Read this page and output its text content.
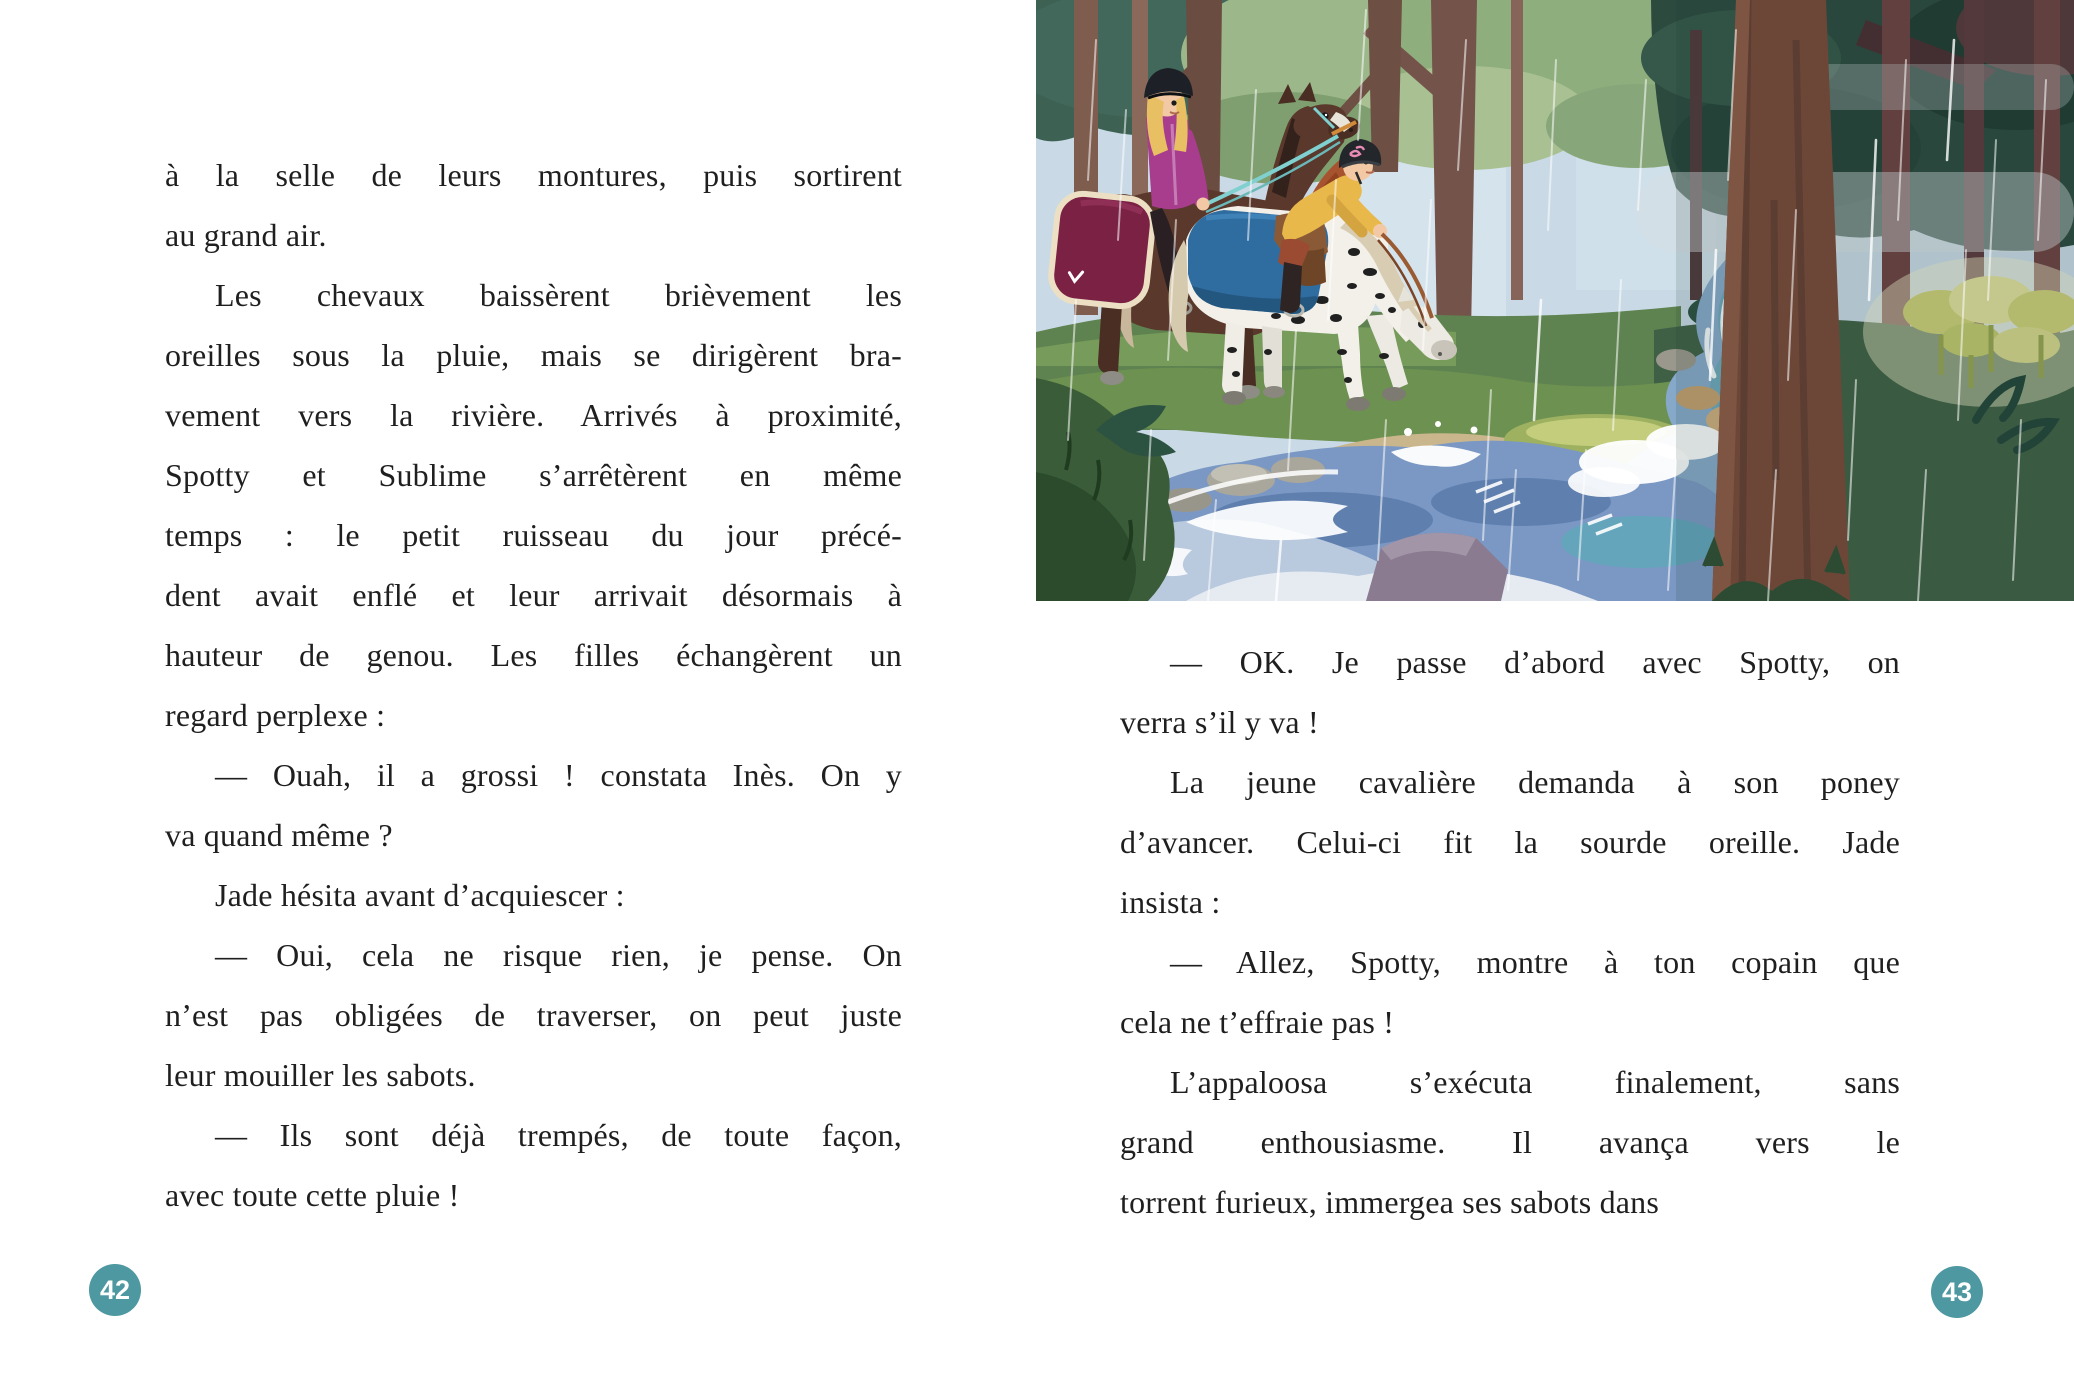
à la selle de leurs montures, puis sortirent
au grand air.
Les chevaux baissèrent brièvement les
oreilles sous la pluie, mais se dirigèrent bra-
vement vers la rivière. Arrivés à proximité,
Spotty et Sublime s’arrêtèrent en même
temps : le petit ruisseau du jour précé-
dent avait enflé et leur arrivait désormais à
hauteur de genou. Les filles échangèrent un
regard perplexe :
— Ouah, il a grossi ! constata Inès. On y
va quand même ?
Jade hésita avant d’acquiescer :
— Oui, cela ne risque rien, je pense. On
n’est pas obligées de traverser, on peut juste
leur mouiller les sabots.
— Ils sont déjà trempés, de toute façon,
avec toute cette pluie !
42
— OK. Je passe d’abord avec Spotty, on
verra s’il y va !
La jeune cavalière demanda à son poney
d’avancer. Celui-ci fit la sourde oreille. Jade
insista :
— Allez, Spotty, montre à ton copain que
cela ne t’effraie pas !
L’appaloosa s’exécuta finalement, sans
grand enthousiasme. Il avança vers le
torrent furieux, immergea ses sabots dans
43
